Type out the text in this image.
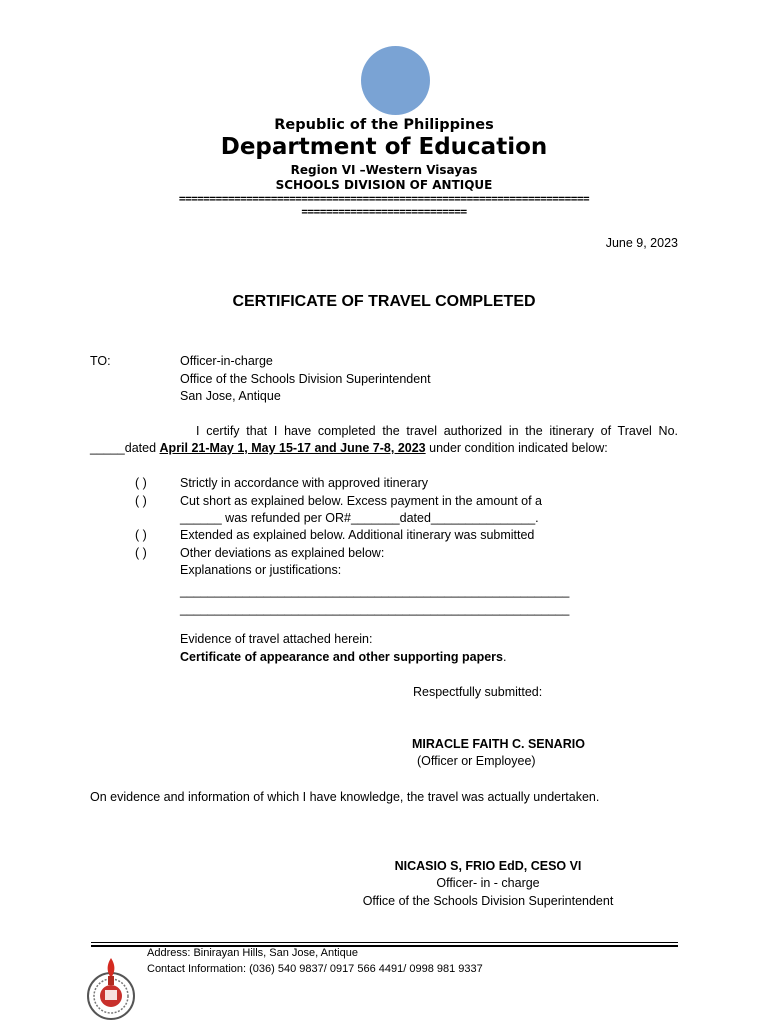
Republic of the Philippines
Department of Education
Region VI –Western Visayas
SCHOOLS DIVISION OF ANTIQUE
===================================================================
===========================
June 9, 2023
CERTIFICATE OF TRAVEL COMPLETED
TO:	Officer-in-charge
Office of the Schools Division Superintendent
San Jose, Antique
I certify that I have completed the travel authorized in the itinerary of Travel No.
_____dated April 21-May 1, May 15-17 and June 7-8, 2023 under condition indicated below:
( )	Strictly in accordance with approved itinerary
( )	Cut short as explained below. Excess payment in the amount of a
______ was refunded per OR#_______dated_______________.
( )	Extended as explained below. Additional itinerary was submitted
( )	Other deviations as explained below:
Explanations or justifications:
________________________________________________________
________________________________________________________
Evidence of travel attached herein:
Certificate of appearance and other supporting papers.
Respectfully submitted:
MIRACLE FAITH C. SENARIO
(Officer or Employee)
On evidence and information of which I have knowledge, the travel was actually undertaken.
NICASIO S, FRIO EdD, CESO VI
Officer- in - charge
Office of the Schools Division Superintendent
Address: Binirayan Hills, San Jose, Antique
Contact Information: (036) 540 9837/ 0917 566 4491/ 0998 981 9337
